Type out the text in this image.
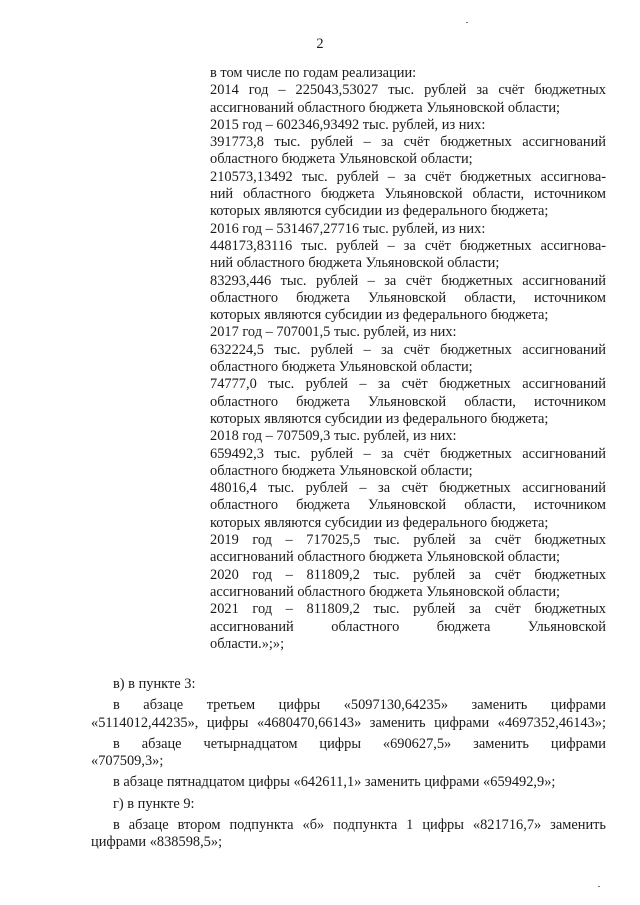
2
в том числе по годам реализации:
2014 год – 225043,53027 тыс. рублей за счёт бюджетных
ассигнований областного бюджета Ульяновской области;
2015 год – 602346,93492 тыс. рублей, из них:
391773,8 тыс. рублей – за счёт бюджетных ассигнований
областного бюджета Ульяновской области;
210573,13492 тыс. рублей – за счёт бюджетных ассигнова-
ний областного бюджета Ульяновской области, источником
которых являются субсидии из федерального бюджета;
2016 год – 531467,27716 тыс. рублей, из них:
448173,83116 тыс. рублей – за счёт бюджетных ассигнова-
ний областного бюджета Ульяновской области;
83293,446 тыс. рублей – за счёт бюджетных ассигнований
областного бюджета Ульяновской области, источником
которых являются субсидии из федерального бюджета;
2017 год – 707001,5 тыс. рублей, из них:
632224,5 тыс. рублей – за счёт бюджетных ассигнований
областного бюджета Ульяновской области;
74777,0 тыс. рублей – за счёт бюджетных ассигнований
областного бюджета Ульяновской области, источником
которых являются субсидии из федерального бюджета;
2018 год – 707509,3 тыс. рублей, из них:
659492,3 тыс. рублей – за счёт бюджетных ассигнований
областного бюджета Ульяновской области;
48016,4 тыс. рублей – за счёт бюджетных ассигнований
областного бюджета Ульяновской области, источником
которых являются субсидии из федерального бюджета;
2019 год – 717025,5 тыс. рублей за счёт бюджетных
ассигнований областного бюджета Ульяновской области;
2020 год – 811809,2 тыс. рублей за счёт бюджетных
ассигнований областного бюджета Ульяновской области;
2021 год – 811809,2 тыс. рублей за счёт бюджетных
ассигнований областного бюджета Ульяновской
области.»;»;
в) в пункте 3:
в абзаце третьем цифры «5097130,64235» заменить цифрами
«5114012,44235», цифры «4680470,66143» заменить цифрами «4697352,46143»;
в абзаце четырнадцатом цифры «690627,5» заменить цифрами
«707509,3»;
в абзаце пятнадцатом цифры «642611,1» заменить цифрами «659492,9»;
г) в пункте 9:
в абзаце втором подпункта «б» подпункта 1 цифры «821716,7» заменить
цифрами «838598,5»;
